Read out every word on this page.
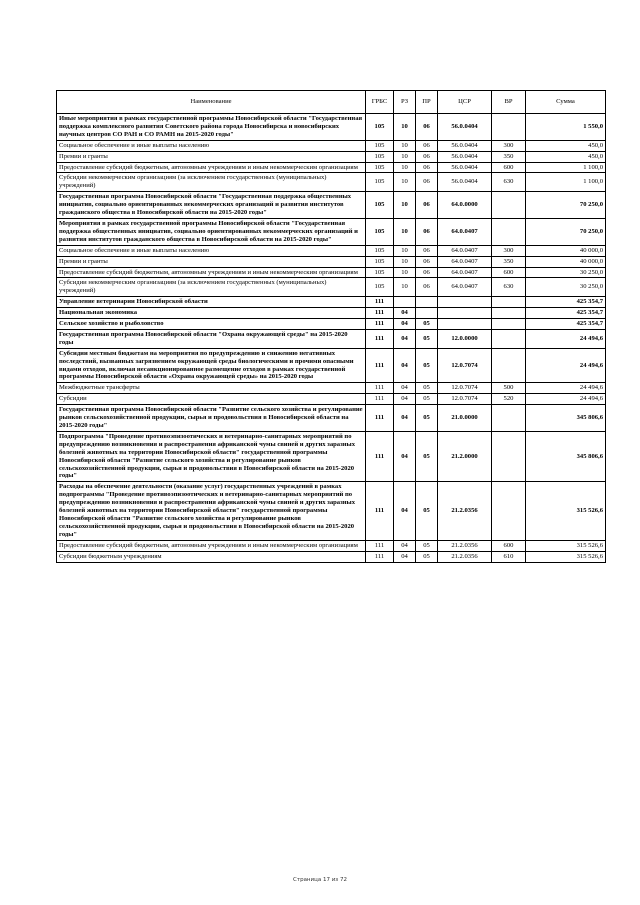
Наименование	ГРБС	РЗ	ПР	ЦСР	ВР	Сумма
Иные мероприятия в рамках государственной программы Новосибирской области "Государственная поддержка комплексного развития Советского района города Новосибирска и новосибирских научных центров СО РАН и СО РАМН на 2015-2020 годы"	105	10	06	56.0.0404		1 550,0
Социальное обеспечение и иные выплаты населению	105	10	06	56.0.0404	300	450,0
Премии и гранты	105	10	06	56.0.0404	350	450,0
Предоставление субсидий бюджетным, автономным учреждениям и иным некоммерческим организациям	105	10	06	56.0.0404	600	1 100,0
Субсидии некоммерческим организациям (за исключением государственных (муниципальных) учреждений)	105	10	06	56.0.0404	630	1 100,0
Государственная программа Новосибирской области "Государственная поддержка общественных инициатив, социально ориентированных некоммерческих организаций и развития институтов гражданского общества в Новосибирской области на 2015-2020 годы"	105	10	06	64.0.0000		70 250,0
Мероприятия в рамках государственной программы Новосибирской области "Государственная поддержка общественных инициатив, социально ориентированных некоммерческих организаций и развития институтов гражданского общества в Новосибирской области на 2015-2020 годы"	105	10	06	64.0.0407		70 250,0
Социальное обеспечение и иные выплаты населению	105	10	06	64.0.0407	300	40 000,0
Премии и гранты	105	10	06	64.0.0407	350	40 000,0
Предоставление субсидий бюджетным, автономным учреждениям и иным некоммерческим организациям	105	10	06	64.0.0407	600	30 250,0
Субсидии некоммерческим организациям (за исключением государственных (муниципальных) учреждений)	105	10	06	64.0.0407	630	30 250,0
Управление ветеринарии Новосибирской области	111					425 354,7
Национальная экономика	111	04				425 354,7
Сельское хозяйство и рыболовство	111	04	05			425 354,7
Государственная программа Новосибирской области "Охрана окружающей среды" на 2015-2020 годы	111	04	05	12.0.0000		24 494,6
Субсидии местным бюджетам на мероприятия по предупреждению и снижению негативных последствий, вызванных загрязнением окружающей среды биологическими и прочими опасными видами отходов, включая несанкционированное размещение отходов в рамках государственной программы Новосибирской области «Охрана окружающей среды» на 2015-2020 годы	111	04	05	12.0.7074		24 494,6
Межбюджетные трансферты	111	04	05	12.0.7074	500	24 494,6
Субсидии	111	04	05	12.0.7074	520	24 494,6
Государственная программа Новосибирской области "Развитие сельского хозяйства и регулирование рынков сельскохозяйственной продукции, сырья и продовольствия в Новосибирской области на 2015-2020 годы"	111	04	05	21.0.0000		345 806,6
Подпрограмма "Проведение противоэпизоотических и ветеринарно-санитарных мероприятий по предупреждению возникновения и распространения африканской чумы свиней и других заразных болезней животных на территории Новосибирской области" государственной программы Новосибирской области "Развитие сельского хозяйства и регулирование рынков сельскохозяйственной продукции, сырья и продовольствия в Новосибирской области на 2015-2020 годы"	111	04	05	21.2.0000		345 806,6
Расходы на обеспечение деятельности (оказание услуг) государственных учреждений в рамках подпрограммы "Проведение противоэпизоотических и ветеринарно-санитарных мероприятий по предупреждению возникновения и распространения африканской чумы свиней и других заразных болезней животных на территории Новосибирской области" государственной программы Новосибирской области "Развитие сельского хозяйства и регулирование рынков сельскохозяйственной продукции, сырья и продовольствия в Новосибирской области на 2015-2020 годы"	111	04	05	21.2.0356		315 526,6
Предоставление субсидий бюджетным, автономным учреждениям и иным некоммерческим организациям	111	04	05	21.2.0356	600	315 526,6
Субсидии бюджетным учреждениям	111	04	05	21.2.0356	610	315 526,6
Страница 17 из 72
